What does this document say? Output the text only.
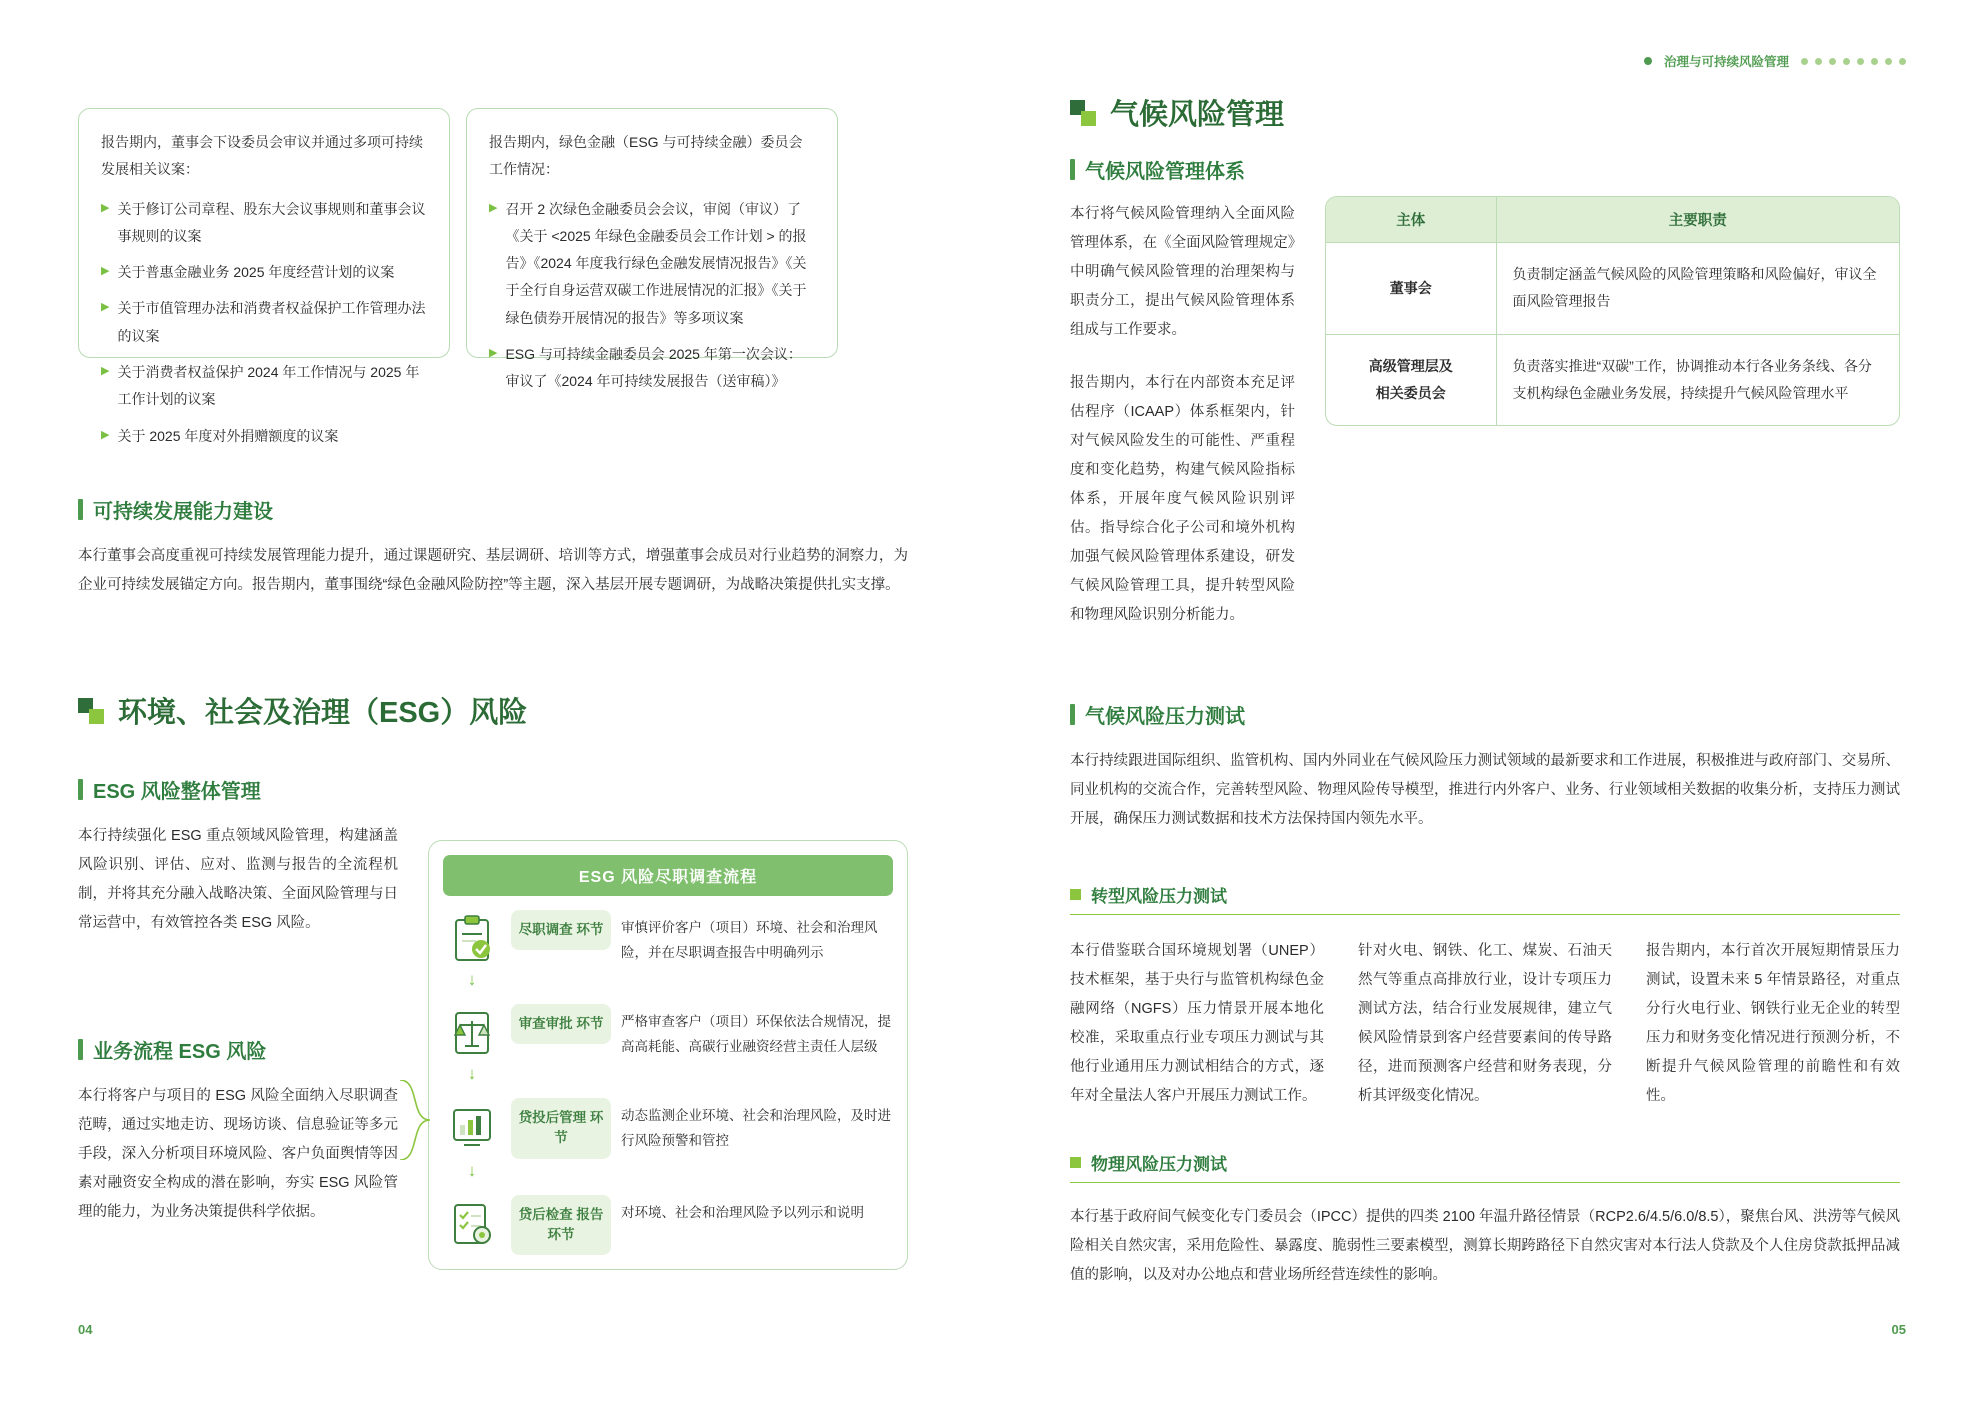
报告期内，董事会下设委员会审议并通过多项可持续发展相关议案：

▶ 关于修订公司章程、股东大会议事规则和董事会议事规则的议案
▶ 关于普惠金融业务 2025 年度经营计划的议案
▶ 关于市值管理办法和消费者权益保护工作管理办法的议案
▶ 关于消费者权益保护 2024 年工作情况与 2025 年工作计划的议案
▶ 关于 2025 年度对外捐赠额度的议案

报告期内，绿色金融（ESG 与可持续金融）委员会工作情况：

▶ 召开 2 次绿色金融委员会会议，审阅（审议）了《关于 <2025 年绿色金融委员会工作计划 > 的报告》《2024 年度我行绿色金融发展情况报告》《关于全行自身运营双碳工作进展情况的汇报》《关于绿色债券开展情况的报告》等多项议案
▶ ESG 与可持续金融委员会 2025 年第一次会议：审议了《2024 年可持续发展报告（送审稿）》
可持续发展能力建设

本行董事会高度重视可持续发展管理能力提升，通过课题研究、基层调研、培训等方式，增强董事会成员对行业趋势的洞察力，为企业可持续发展锚定方向。报告期内，董事围绕“绿色金融风险防控”等主题，深入基层开展专题调研，为战略决策提供扎实支撑。

环境、社会及治理（ESG）风险
ESG 风险整体管理

本行持续强化 ESG 重点领域风险管理，构建涵盖风险识别、评估、应对、监测与报告的全流程机制，并将其充分融入战略决策、全面风险管理与日常运营中，有效管控各类 ESG 风险。

业务流程 ESG 风险

本行将客户与项目的 ESG 风险全面纳入尽职调查范畴，通过实地走访、现场访谈、信息验证等多元手段，深入分析项目环境风险、客户负面舆情等因素对融资安全构成的潜在影响，夯实 ESG 风险管理的能力，为业务决策提供科学依据。

ESG 风险尽职调查流程
尽职调查 环节	审慎评价客户（项目）环境、社会和治理风险，并在尽职调查报告中明确列示
↓
审查审批 环节	严格审查客户（项目）环保依法合规情况，提高高耗能、高碳行业融资经营主责任人层级
↓
贷投后管理 环节
动态监测企业环境、社会和治理风险，及时进行风险预警和管控
↓
贷后检查 报告环节
对环境、社会和治理风险予以列示和说明
04
治理与可持续风险管理
气候风险管理
气候风险管理体系

本行将气候风险管理纳入全面风险管理体系，在《全面风险管理规定》中明确气候风险管理的治理架构与职责分工，提出气候风险管理体系组成与工作要求。

报告期内，本行在内部资本充足评估程序（ICAAP）体系框架内，针对气候风险发生的可能性、严重程度和变化趋势，构建气候风险指标体系，开展年度气候风险识别评估。指导综合化子公司和境外机构加强气候风险管理体系建设，研发气候风险管理工具，提升转型风险和物理风险识别分析能力。

主体	主要职责
董事会	负责制定涵盖气候风险的风险管理策略和风险偏好，审议全面风险管理报告
高级管理层及
相关委员会	负责落实推进“双碳”工作，协调推动本行各业务条线、各分支机构绿色金融业务发展，持续提升气候风险管理水平
气候风险压力测试

本行持续跟进国际组织、监管机构、国内外同业在气候风险压力测试领域的最新要求和工作进展，积极推进与政府部门、交易所、同业机构的交流合作，完善转型风险、物理风险传导模型，推进行内外客户、业务、行业领域相关数据的收集分析，支持压力测试开展，确保压力测试数据和技术方法保持国内领先水平。

转型风险压力测试

本行借鉴联合国环境规划署（UNEP）技术框架，基于央行与监管机构绿色金融网络（NGFS）压力情景开展本地化校准，采取重点行业专项压力测试与其他行业通用压力测试相结合的方式，逐年对全量法人客户开展压力测试工作。

针对火电、钢铁、化工、煤炭、石油天然气等重点高排放行业，设计专项压力测试方法，结合行业发展规律，建立气候风险情景到客户经营要素间的传导路径，进而预测客户经营和财务表现，分析其评级变化情况。

报告期内，本行首次开展短期情景压力测试，设置未来 5 年情景路径，对重点分行火电行业、钢铁行业无企业的转型压力和财务变化情况进行预测分析，不断提升气候风险管理的前瞻性和有效性。

物理风险压力测试

本行基于政府间气候变化专门委员会（IPCC）提供的四类 2100 年温升路径情景（RCP2.6/4.5/6.0/8.5），聚焦台风、洪涝等气候风险相关自然灾害，采用危险性、暴露度、脆弱性三要素模型，测算长期跨路径下自然灾害对本行法人贷款及个人住房贷款抵押品减值的影响，以及对办公地点和营业场所经营连续性的影响。

05
